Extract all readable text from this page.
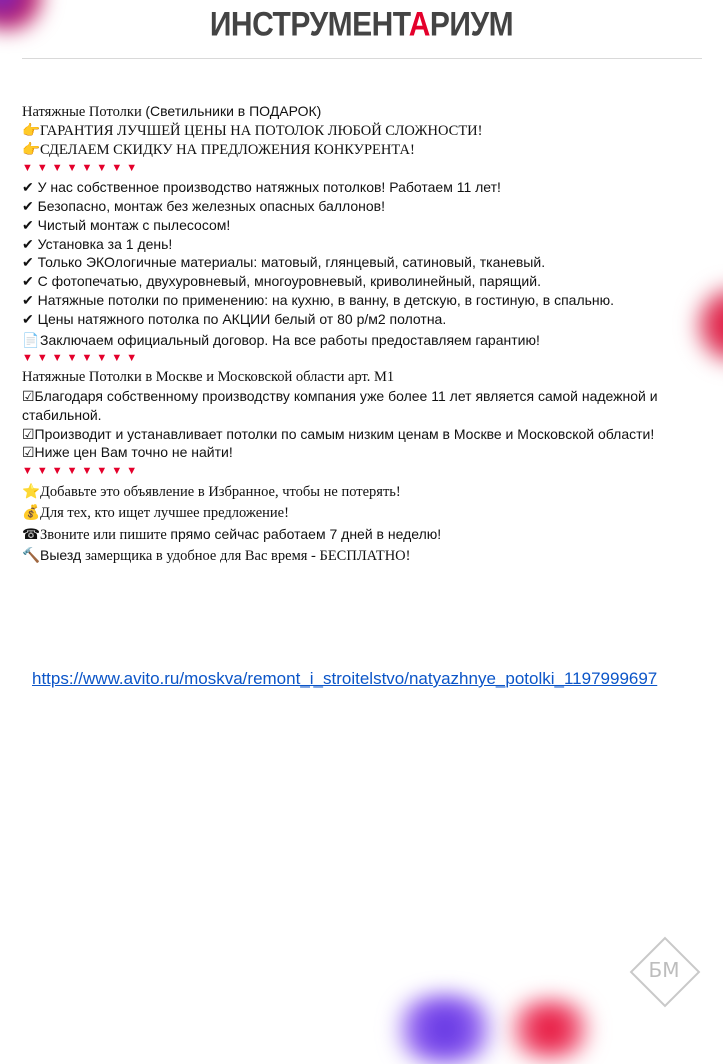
ИНСТРУМЕНТАРИУМ
Натяжные Потолки (Светильники в ПОДАРОК)
👉ГАРАНТИЯ ЛУЧШЕЙ ЦЕНЫ НА ПОТОЛОК ЛЮБОЙ СЛОЖНОСТИ!
👉СДЕЛАЕМ СКИДКУ НА ПРЕДЛОЖЕНИЯ КОНКУРЕНТА!
▼▼▼▼▼▼▼▼
✔ У нас собственное производство натяжных потолков! Работаем 11 лет!
✔ Безопасно, монтаж без железных опасных баллонов!
✔ Чистый монтаж с пылесосом!
✔ Установка за 1 день!
✔ Только ЭКОлогичные материалы: матовый, глянцевый, сатиновый, тканевый.
✔ С фотопечатью, двухуровневый, многоуровневый, криволинейный, парящий.
✔ Натяжные потолки по применению: на кухню, в ванну, в детскую, в гостиную, в спальню.
✔ Цены натяжного потолка по АКЦИИ белый от 80 р/м2 полотна.
📄Заключаем официальный договор. На все работы предоставляем гарантию!
▼▼▼▼▼▼▼▼
Натяжные Потолки в Москве и Московской области арт. М1
☑Благодаря собственному производству компания уже более 11 лет является самой надежной и стабильной.
☑Производит и устанавливает потолки по самым низким ценам в Москве и Московской области!
☑Ниже цен Вам точно не найти!
▼▼▼▼▼▼▼▼
⭐Добавьте это объявление в Избранное, чтобы не потерять!
💰Для тех, кто ищет лучшее предложение!
☎Звоните или пишите прямо сейчас работаем 7 дней в неделю!
🔨Выезд замерщика в удобное для Вас время - БЕСПЛАТНО!
https://www.avito.ru/moskva/remont_i_stroitelstvo/natyazhnye_potolki_1197999697
БМ
